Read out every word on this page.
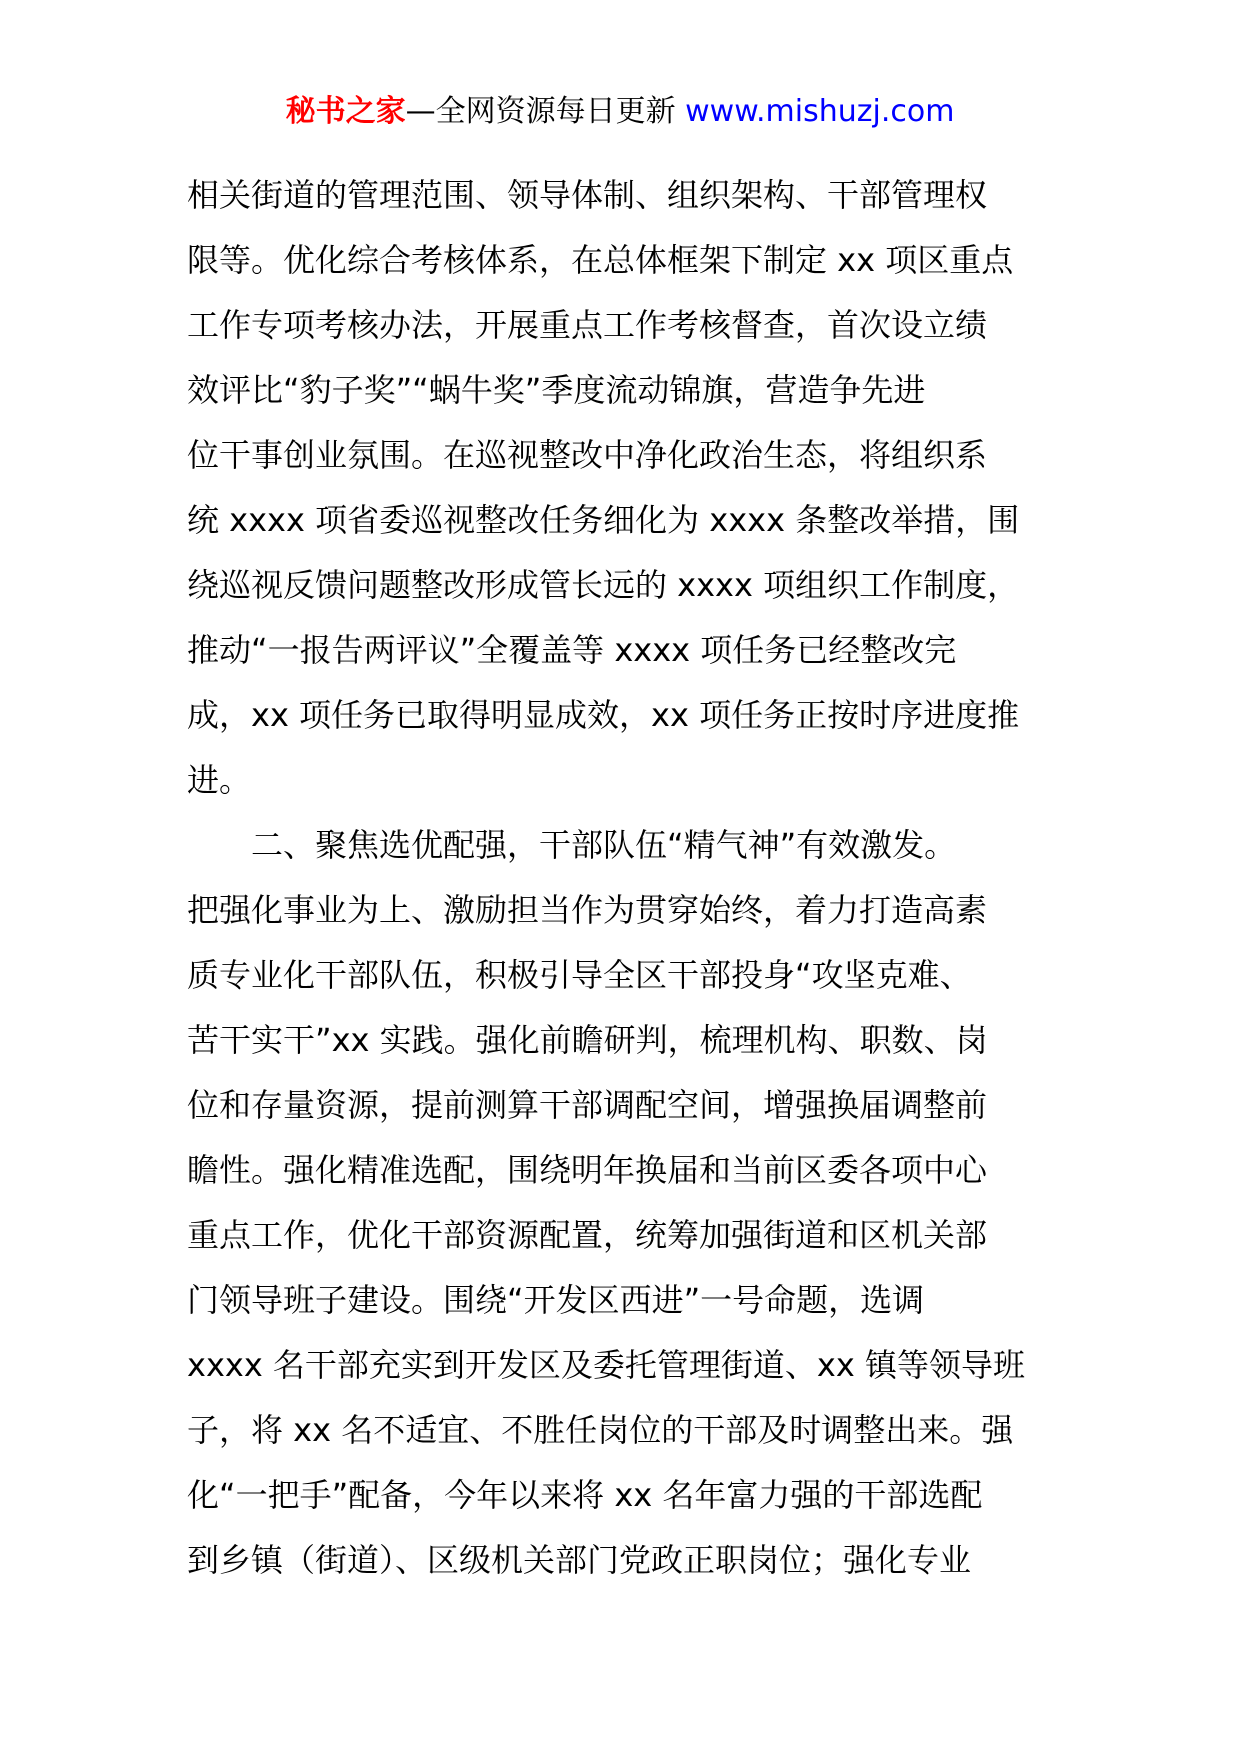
秘书之家—全网资源每日更新 www.mishuzj.com
相关街道的管理范围、领导体制、组织架构、干部管理权
限等。优化综合考核体系，在总体框架下制定 xx 项区重点
工作专项考核办法，开展重点工作考核督查，首次设立绩
效评比“豹子奖”“蜗牛奖”季度流动锦旗，营造争先进
位干事创业氛围。在巡视整改中净化政治生态，将组织系
统 xxxx 项省委巡视整改任务细化为 xxxx 条整改举措，围
绕巡视反馈问题整改形成管长远的 xxxx 项组织工作制度，
推动“一报告两评议”全覆盖等 xxxx 项任务已经整改完
成，xx 项任务已取得明显成效，xx 项任务正按时序进度推
进。
二、聚焦选优配强，干部队伍“精气神”有效激发。
把强化事业为上、激励担当作为贯穿始终，着力打造高素
质专业化干部队伍，积极引导全区干部投身“攻坚克难、
苦干实干”xx 实践。强化前瞻研判，梳理机构、职数、岗
位和存量资源，提前测算干部调配空间，增强换届调整前
瞻性。强化精准选配，围绕明年换届和当前区委各项中心
重点工作，优化干部资源配置，统筹加强街道和区机关部
门领导班子建设。围绕“开发区西进”一号命题，选调
xxxx 名干部充实到开发区及委托管理街道、xx 镇等领导班
子，将 xx 名不适宜、不胜任岗位的干部及时调整出来。强
化“一把手”配备，今年以来将 xx 名年富力强的干部选配
到乡镇（街道）、区级机关部门党政正职岗位；强化专业
